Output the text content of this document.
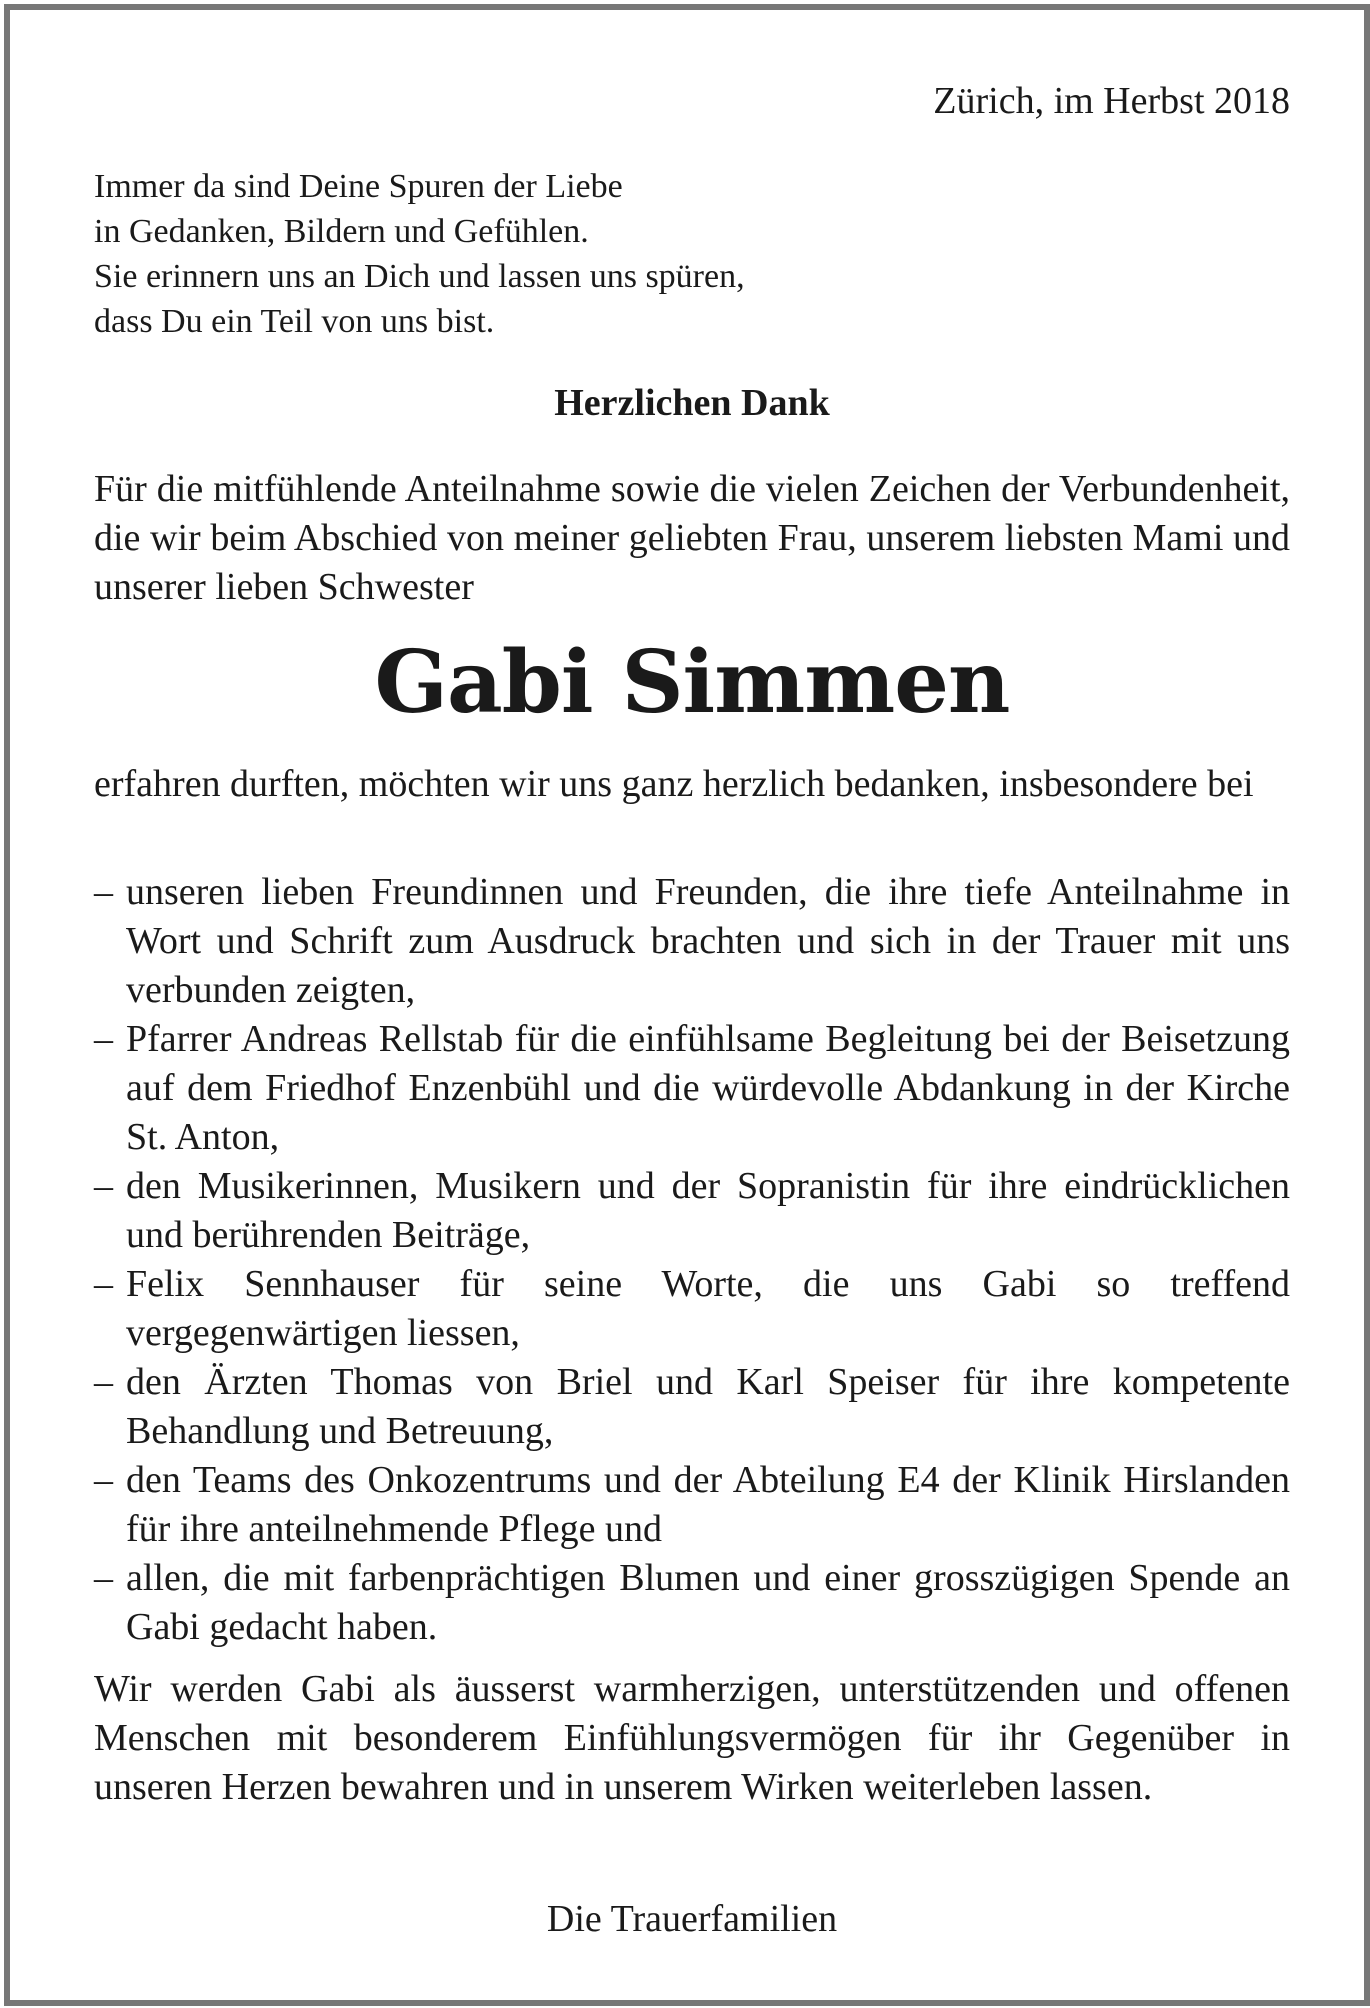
Zürich, im Herbst 2018
Immer da sind Deine Spuren der Liebe
in Gedanken, Bildern und Gefühlen.
Sie erinnern uns an Dich und lassen uns spüren,
dass Du ein Teil von uns bist.
Herzlichen Dank
Für die mitfühlende Anteilnahme sowie die vielen Zeichen der Verbundenheit, die wir beim Abschied von meiner geliebten Frau, unserem liebsten Mami und unserer lieben Schwester
Gabi Simmen
erfahren durften, möchten wir uns ganz herzlich bedanken, insbesondere bei
– unseren lieben Freundinnen und Freunden, die ihre tiefe Anteilnahme in Wort und Schrift zum Ausdruck brachten und sich in der Trauer mit uns verbunden zeigten,
– Pfarrer Andreas Rellstab für die einfühlsame Begleitung bei der Beisetzung auf dem Friedhof Enzenbühl und die würdevolle Abdankung in der Kirche St. Anton,
– den Musikerinnen, Musikern und der Sopranistin für ihre eindrücklichen und berührenden Beiträge,
– Felix Sennhauser für seine Worte, die uns Gabi so treffend vergegenwärtigen liessen,
– den Ärzten Thomas von Briel und Karl Speiser für ihre kompetente Behandlung und Betreuung,
– den Teams des Onkozentrums und der Abteilung E4 der Klinik Hirslanden für ihre anteilnehmende Pflege und
– allen, die mit farbenprächtigen Blumen und einer grosszügigen Spende an Gabi gedacht haben.
Wir werden Gabi als äusserst warmherzigen, unterstützenden und offenen Menschen mit besonderem Einfühlungsvermögen für ihr Gegenüber in unseren Herzen bewahren und in unserem Wirken weiterleben lassen.
Die Trauerfamilien
